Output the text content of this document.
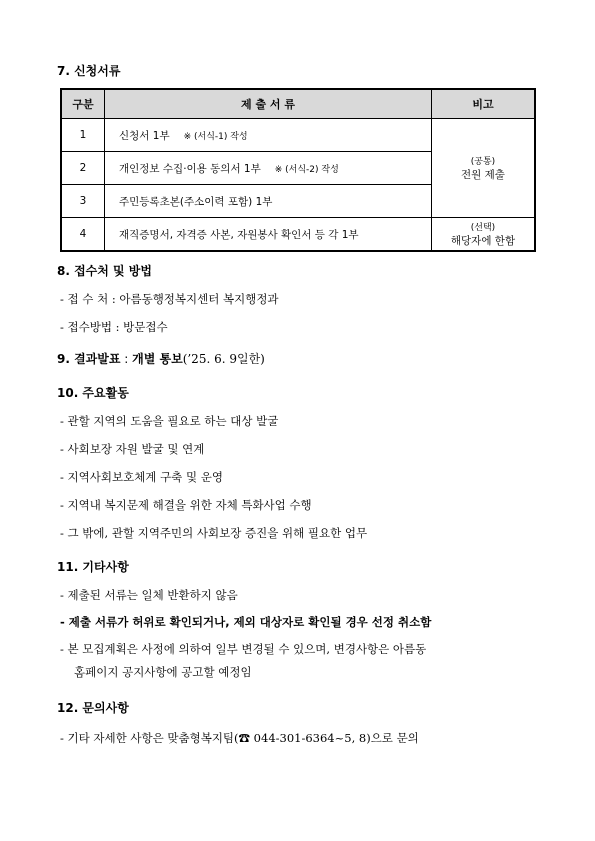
7. 신청서류
구분	제 출 서 류	비고
1	신청서 1부 ※ (서식-1) 작성	(공통)
전원 제출

2	개인정보 수집·이용 동의서 1부 ※ (서식-2) 작성	
3	주민등록초본(주소이력 포함) 1부	
4	재직증명서, 자격증 사본, 자원봉사 확인서 등 각 1부	(선택)
해당자에 한함
8. 접수처 및 방법
- 접 수 처 : 아름동행정복지센터 복지행정과
- 접수방법 : 방문접수
9. 결과발표 : 개별 통보(’25. 6. 9일한)
10. 주요활동
- 관할 지역의 도움을 필요로 하는 대상 발굴
- 사회보장 자원 발굴 및 연계
- 지역사회보호체계 구축 및 운영
- 지역내 복지문제 해결을 위한 자체 특화사업 수행
- 그 밖에, 관할 지역주민의 사회보장 증진을 위해 필요한 업무
11. 기타사항
- 제출된 서류는 일체 반환하지 않음
- 제출 서류가 허위로 확인되거나, 제외 대상자로 확인될 경우 선정 취소함
- 본 모집계획은 사정에 의하여 일부 변경될 수 있으며, 변경사항은 아름동
홈페이지 공지사항에 공고할 예정임
12. 문의사항
- 기타 자세한 사항은 맞춤형복지팀(☎ 044-301-6364~5, 8)으로 문의
